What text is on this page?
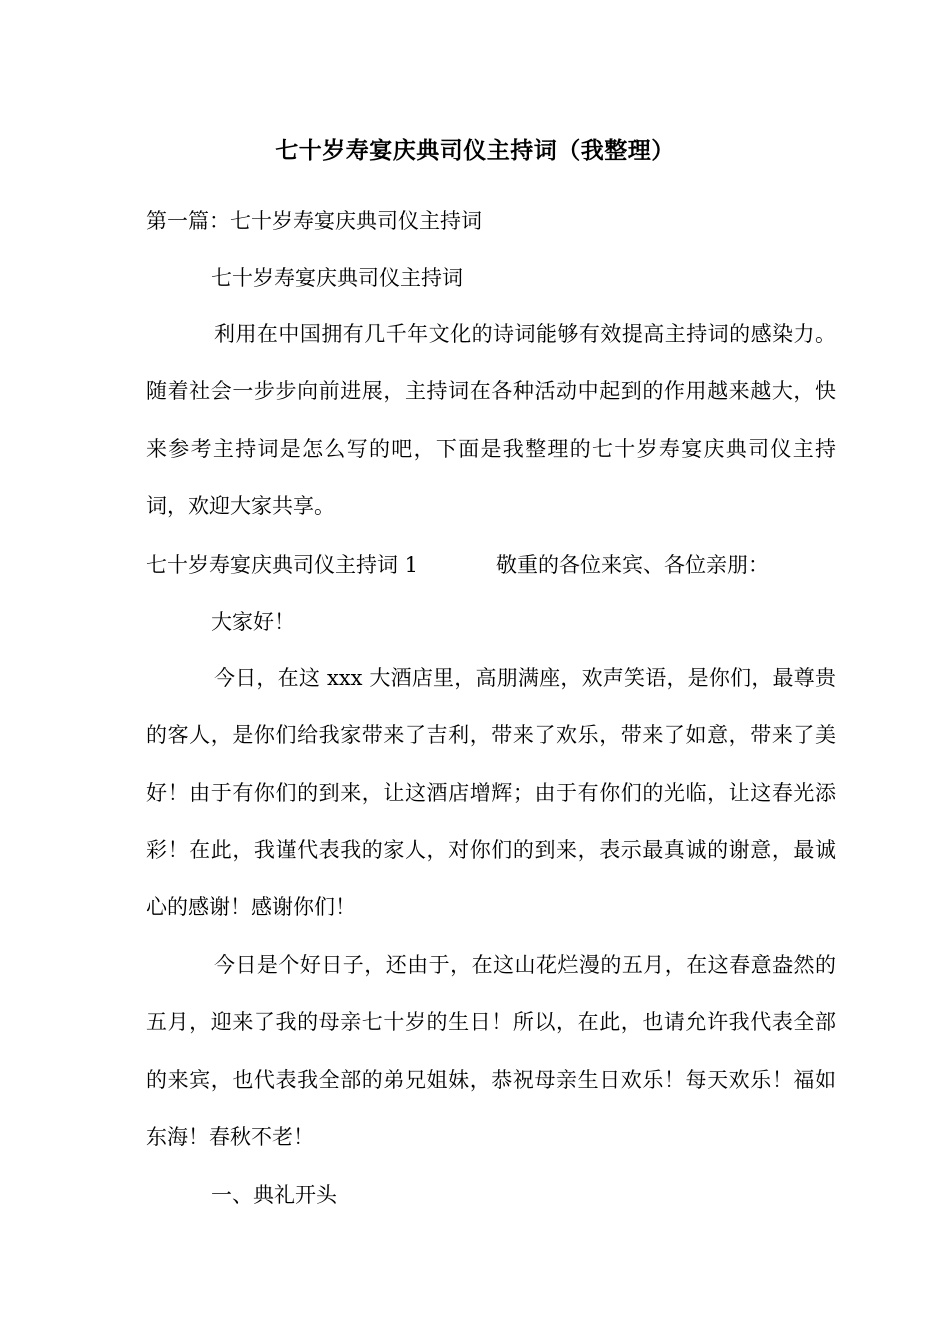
七十岁寿宴庆典司仪主持词（我整理）
第一篇：七十岁寿宴庆典司仪主持词
七十岁寿宴庆典司仪主持词
利用在中国拥有几千年文化的诗词能够有效提高主持词的感染力。随着社会一步步向前进展，主持词在各种活动中起到的作用越来越大，快来参考主持词是怎么写的吧，下面是我整理的七十岁寿宴庆典司仪主持词，欢迎大家共享。
七十岁寿宴庆典司仪主持词 1	敬重的各位来宾、各位亲朋：
大家好！
今日，在这 xxx 大酒店里，高朋满座，欢声笑语，是你们，最尊贵的客人，是你们给我家带来了吉利，带来了欢乐，带来了如意，带来了美好！由于有你们的到来，让这酒店增辉；由于有你们的光临，让这春光添彩！在此，我谨代表我的家人，对你们的到来，表示最真诚的谢意，最诚心的感谢！感谢你们！
今日是个好日子，还由于，在这山花烂漫的五月，在这春意盎然的五月，迎来了我的母亲七十岁的生日！所以，在此，也请允许我代表全部的来宾，也代表我全部的弟兄姐妹，恭祝母亲生日欢乐！每天欢乐！福如东海！春秋不老！
一、典礼开头
